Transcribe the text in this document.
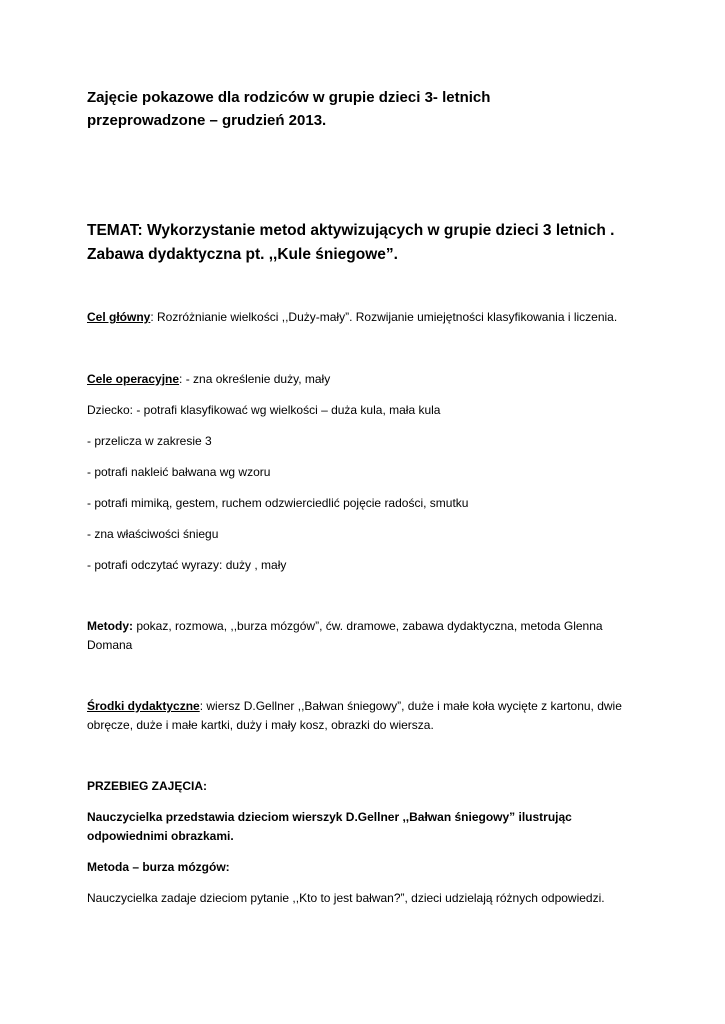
Zajęcie pokazowe dla rodziców w grupie dzieci 3- letnich
przeprowadzone – grudzień 2013.
TEMAT: Wykorzystanie metod aktywizujących w grupie dzieci 3 letnich .
Zabawa dydaktyczna pt. ,,Kule śniegowe”.
Cel główny: Rozróżnianie wielkości ,,Duży-mały”. Rozwijanie umiejętności klasyfikowania i liczenia.
Cele operacyjne: - zna określenie duży, mały
Dziecko: - potrafi klasyfikować wg wielkości – duża kula, mała kula
- przelicza w zakresie 3
- potrafi nakleić bałwana wg wzoru
- potrafi mimiką, gestem, ruchem odzwierciedlić pojęcie radości, smutku
- zna właściwości śniegu
- potrafi odczytać wyrazy: duży , mały
Metody: pokaz, rozmowa, ,,burza mózgów”, ćw. dramowe, zabawa dydaktyczna, metoda Glenna
Domana
Środki dydaktyczne: wiersz D.Gellner ,,Bałwan śniegowy”, duże i małe koła wycięte z kartonu, dwie
obręcze, duże i małe kartki, duży i mały kosz, obrazki do wiersza.
PRZEBIEG ZAJĘCIA:
Nauczycielka przedstawia dzieciom wierszyk D.Gellner ,,Bałwan śniegowy” ilustrując
odpowiednimi obrazkami.
Metoda – burza mózgów:
Nauczycielka zadaje dzieciom pytanie ,,Kto to jest bałwan?”, dzieci udzielają różnych odpowiedzi.
